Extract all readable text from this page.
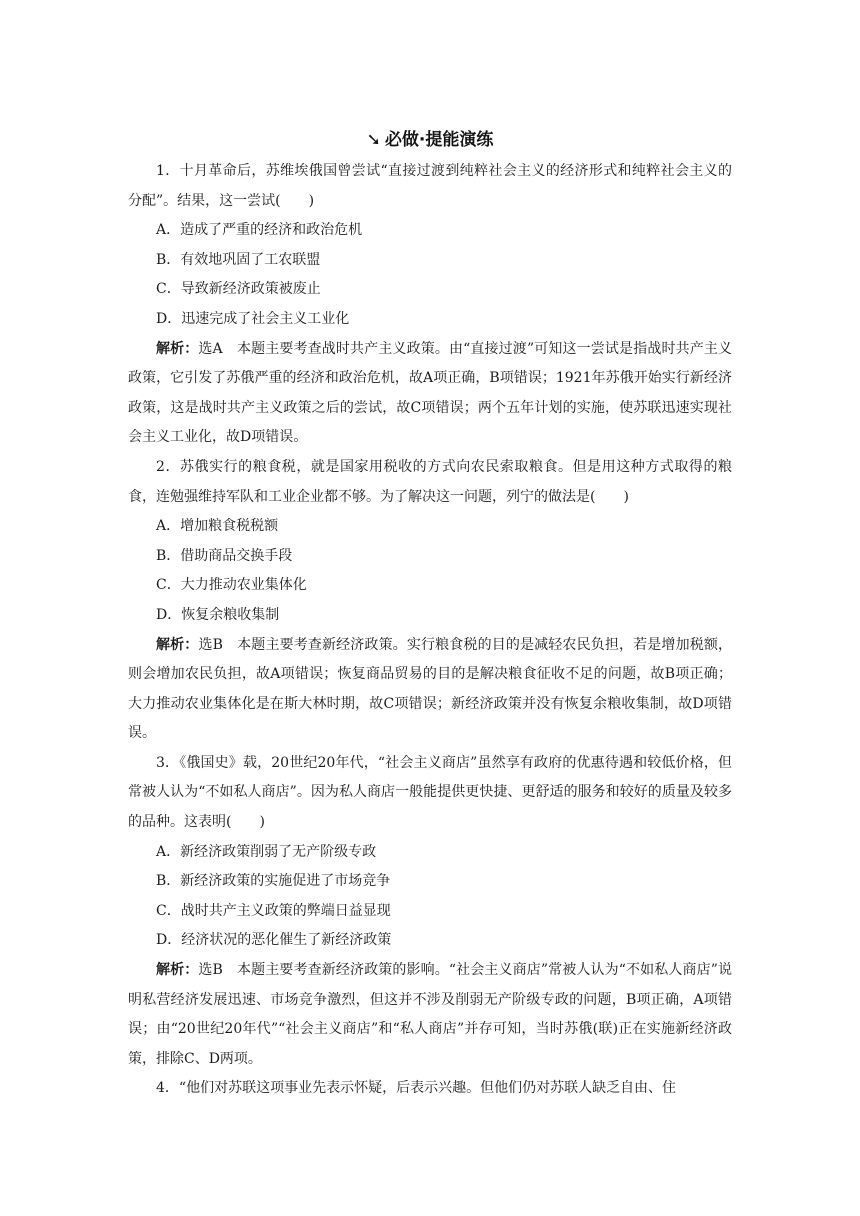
➘ 必做·提能演练

1．十月革命后，苏维埃俄国曾尝试“直接过渡到纯粹社会主义的经济形式和纯粹社会主义的分配”。结果，这一尝试(　　)

A．造成了严重的经济和政治危机

B．有效地巩固了工农联盟

C．导致新经济政策被废止

D．迅速完成了社会主义工业化

解析：选A　本题主要考查战时共产主义政策。由“直接过渡”可知这一尝试是指战时共产主义政策，它引发了苏俄严重的经济和政治危机，故A项正确，B项错误；1921年苏俄开始实行新经济政策，这是战时共产主义政策之后的尝试，故C项错误；两个五年计划的实施，使苏联迅速实现社会主义工业化，故D项错误。

2．苏俄实行的粮食税，就是国家用税收的方式向农民索取粮食。但是用这种方式取得的粮食，连勉强维持军队和工业企业都不够。为了解决这一问题，列宁的做法是(　　)

A．增加粮食税税额

B．借助商品交换手段

C．大力推动农业集体化

D．恢复余粮收集制

解析：选B　本题主要考查新经济政策。实行粮食税的目的是减轻农民负担，若是增加税额，则会增加农民负担，故A项错误；恢复商品贸易的目的是解决粮食征收不足的问题，故B项正确；大力推动农业集体化是在斯大林时期，故C项错误；新经济政策并没有恢复余粮收集制，故D项错误。

3．《俄国史》载，20世纪20年代，“社会主义商店”虽然享有政府的优惠待遇和较低价格，但常被人认为“不如私人商店”。因为私人商店一般能提供更快捷、更舒适的服务和较好的质量及较多的品种。这表明(　　)

A．新经济政策削弱了无产阶级专政

B．新经济政策的实施促进了市场竞争

C．战时共产主义政策的弊端日益显现

D．经济状况的恶化催生了新经济政策

解析：选B　本题主要考查新经济政策的影响。“社会主义商店”常被人认为“不如私人商店”说明私营经济发展迅速、市场竞争激烈，但这并不涉及削弱无产阶级专政的问题，B项正确，A项错误；由“20世纪20年代”“社会主义商店”和“私人商店”并存可知，当时苏俄(联)正在实施新经济政策，排除C、D两项。

4．“他们对苏联这项事业先表示怀疑，后表示兴趣。但他们仍对苏联人缺乏自由、住
